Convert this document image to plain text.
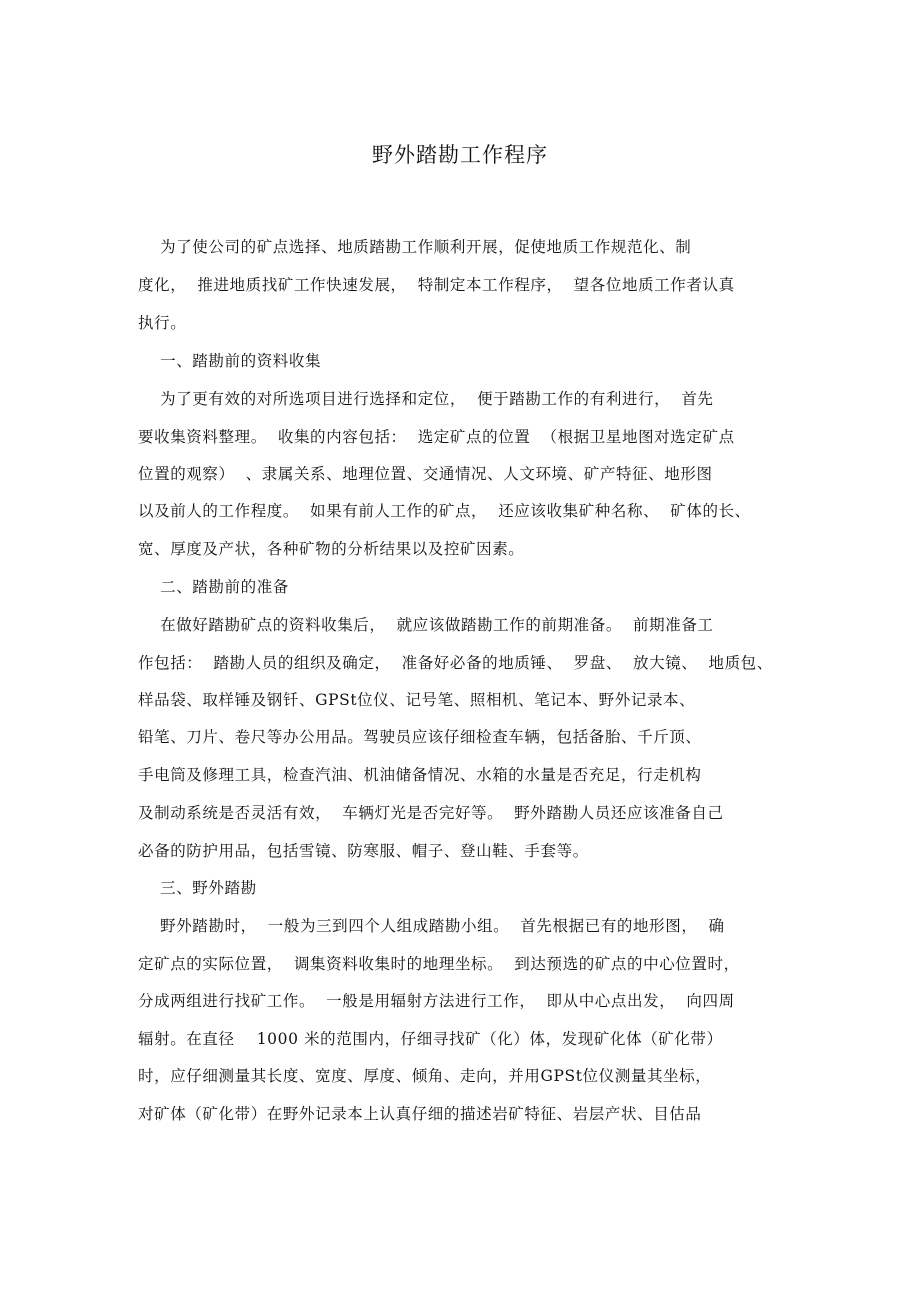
野外踏勘工作程序
为了使公司的矿点选择、地质踏勘工作顺利开展，促使地质工作规范化、制
度化，  推进地质找矿工作快速发展，  特制定本工作程序，  望各位地质工作者认真
执行。
一、踏勘前的资料收集
为了更有效的对所选项目进行选择和定位，  便于踏勘工作的有利进行，  首先
要收集资料整理。  收集的内容包括：  选定矿点的位置  （根据卫星地图对选定矿点
位置的观察）  、隶属关系、地理位置、交通情况、人文环境、矿产特征、地形图
以及前人的工作程度。  如果有前人工作的矿点，  还应该收集矿种名称、  矿体的长、
宽、厚度及产状，各种矿物的分析结果以及控矿因素。
二、踏勘前的准备
在做好踏勘矿点的资料收集后，  就应该做踏勘工作的前期准备。  前期准备工
作包括：  踏勘人员的组织及确定，  准备好必备的地质锤、  罗盘、  放大镜、  地质包、
样品袋、取样锤及钢钎、GPSt位仪、记号笔、照相机、笔记本、野外记录本、
铅笔、刀片、卷尺等办公用品。驾驶员应该仔细检查车辆，包括备胎、千斤顶、
手电筒及修理工具，检查汽油、机油储备情况、水箱的水量是否充足，行走机构
及制动系统是否灵活有效，  车辆灯光是否完好等。  野外踏勘人员还应该准备自己
必备的防护用品，包括雪镜、防寒服、帽子、登山鞋、手套等。
三、野外踏勘
野外踏勘时，  一般为三到四个人组成踏勘小组。  首先根据已有的地形图，  确
定矿点的实际位置，  调集资料收集时的地理坐标。  到达预选的矿点的中心位置时，
分成两组进行找矿工作。  一般是用辐射方法进行工作，  即从中心点出发，  向四周
辐射。在直径    1000 米的范围内，仔细寻找矿（化）体，发现矿化体（矿化带）
时，应仔细测量其长度、宽度、厚度、倾角、走向，并用GPSt位仪测量其坐标，
对矿体（矿化带）在野外记录本上认真仔细的描述岩矿特征、岩层产状、目估品
